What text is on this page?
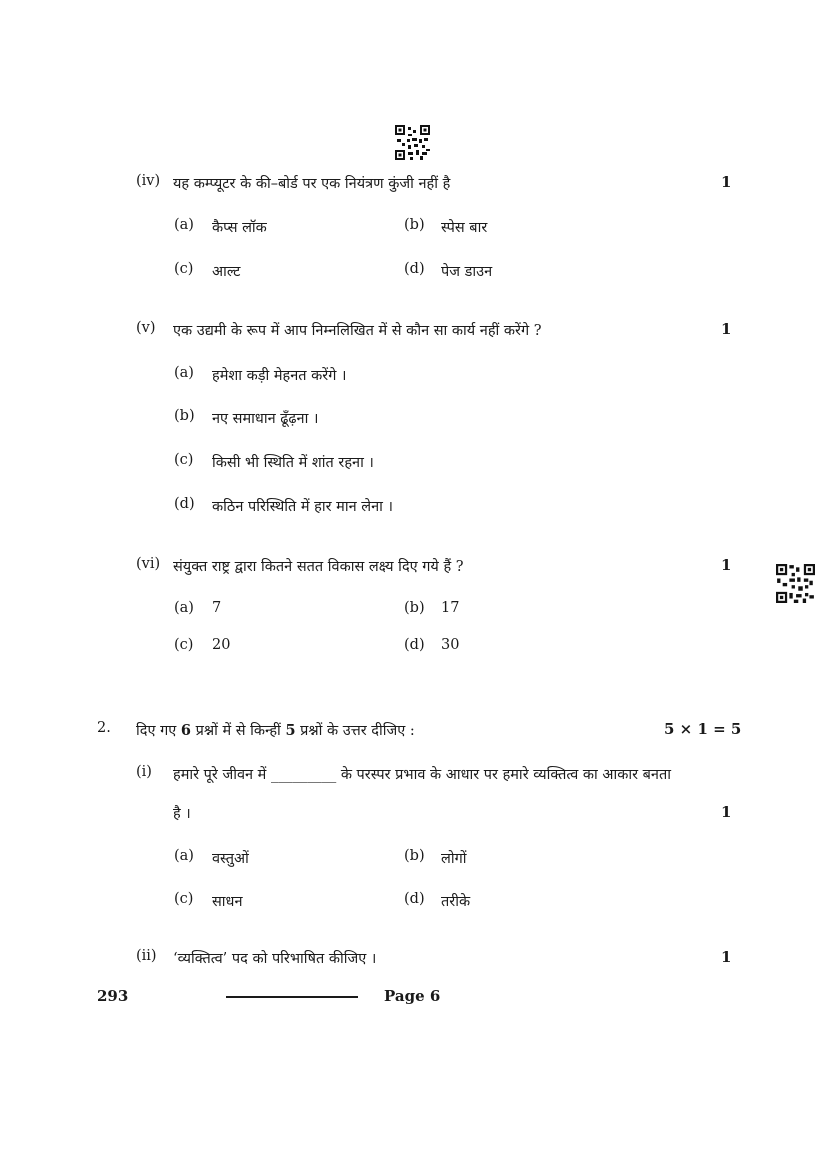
(iv) यह कम्प्यूटर के की–बोर्ड पर एक नियंत्रण कुंजी नहीं है	1
(a) कैप्स लॉक	(b) स्पेस बार
(c) आल्ट	(d) पेज डाउन
(v) एक उद्यमी के रूप में आप निम्नलिखित में से कौन सा कार्य नहीं करेंगे ?	1
(a) हमेशा कड़ी मेहनत करेंगे ।
(b) नए समाधान ढूँढ़ना ।
(c) किसी भी स्थिति में शांत रहना ।
(d) कठिन परिस्थिति में हार मान लेना ।
(vi) संयुक्त राष्ट्र द्वारा कितने सतत विकास लक्ष्य दिए गये हैं ?	1
(a) 7	(b) 17
(c) 20	(d) 30
2. दिए गए 6 प्रश्नों में से किन्हीं 5 प्रश्नों के उत्तर दीजिए :	5 × 1 = 5
(i) हमारे पूरे जीवन में _________ के परस्पर प्रभाव के आधार पर हमारे व्यक्तित्व का आकार बनता
है ।	1
(a) वस्तुओं	(b) लोगों
(c) साधन	(d) तरीके
(ii) ‘व्यक्तित्व’ पद को परिभाषित कीजिए ।	1
293	Page 6
